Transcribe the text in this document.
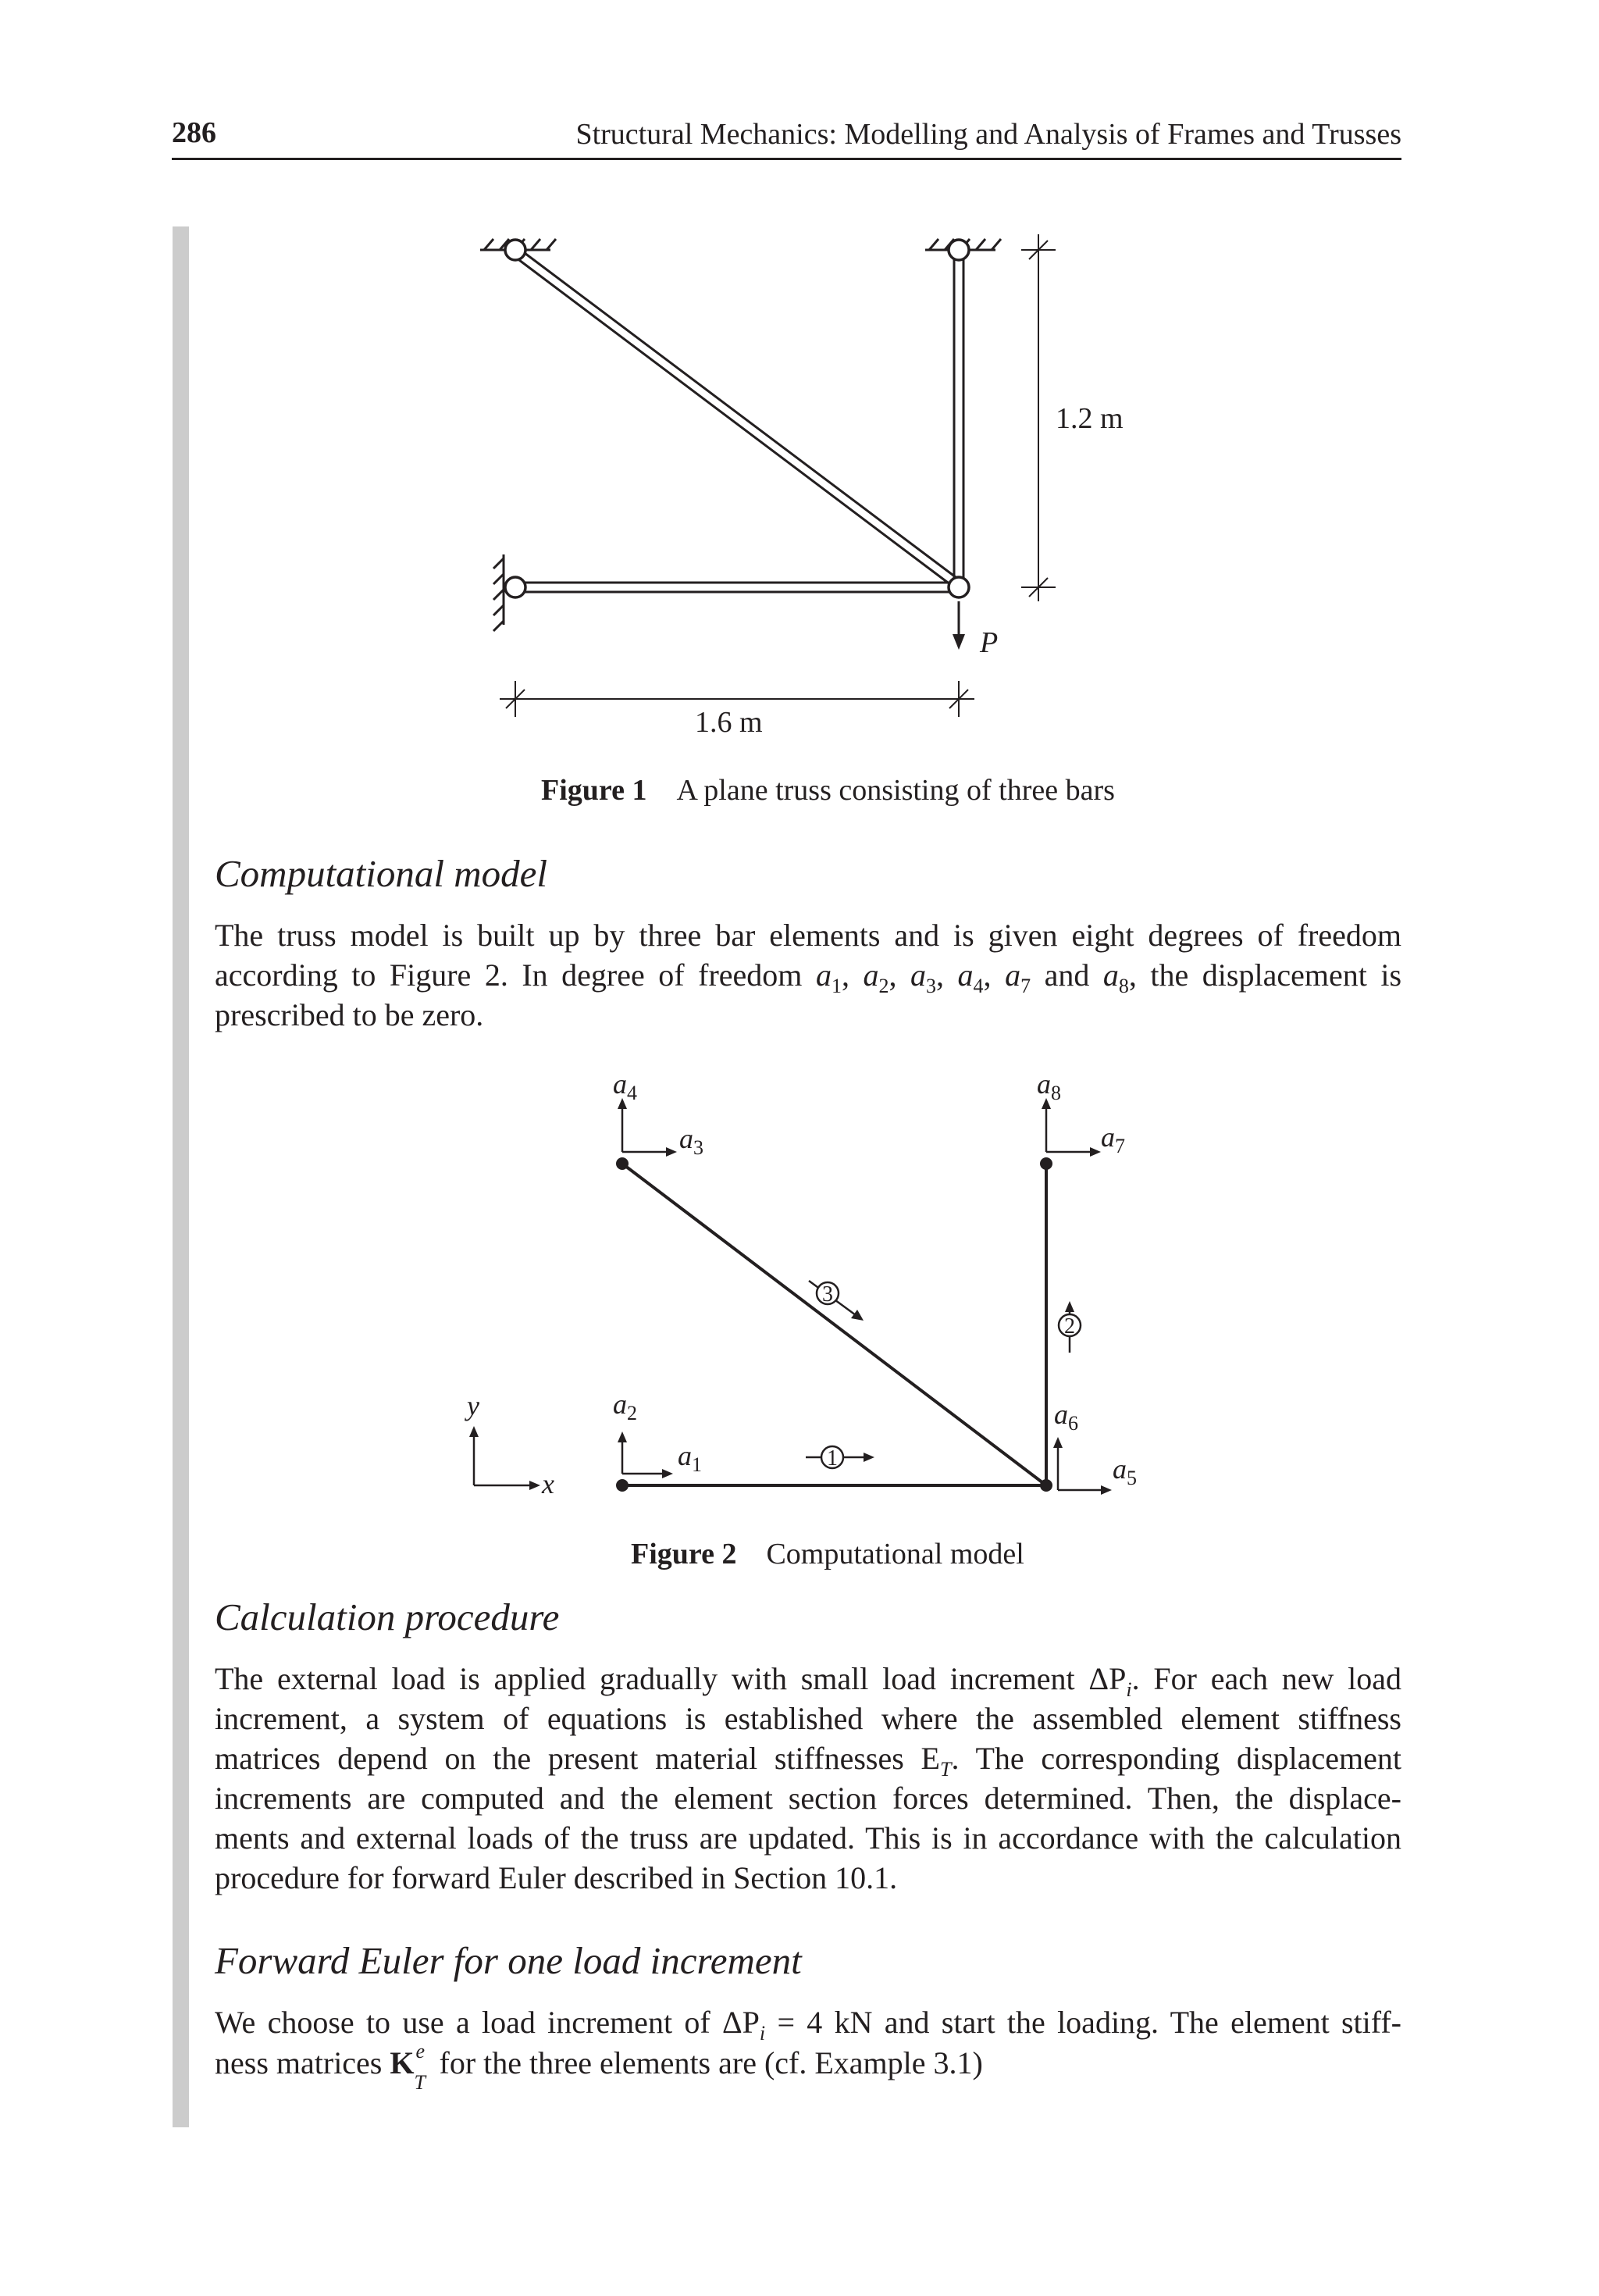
286	Structural Mechanics: Modelling and Analysis of Frames and Trusses
1.2 m
1.6 m
P
1
2
3
$a_4$
$a_3$
$a_8$
$a_7$
$a_2$
$a_1$
$a_6$
$a_5$
y
x
Figure 1 A plane truss consisting of three bars
Computational model

The truss model is built up by three bar elements and is given eight degrees of freedom
according to Figure 2. In degree of freedom $a_1$, $a_2$, $a_3$, $a_4$, $a_7$ and $a_8$, the displacement is
prescribed to be zero.

Figure 2 Computational model
Calculation procedure

The external load is applied gradually with small load increment $\Delta P_i$. For each new load
increment, a system of equations is established where the assembled element stiffness
matrices depend on the present material stiffnesses $E_T$. The corresponding displacement
increments are computed and the element section forces determined. Then, the displace-
ments and external loads of the truss are updated. This is in accordance with the calculation
procedure for forward Euler described in Section 10.1.

Forward Euler for one load increment

We choose to use a load increment of $\Delta P_i = 4$ kN and start the loading. The element stiff-
ness matrices K e
T
for the three elements are (cf. Example 3.1)
